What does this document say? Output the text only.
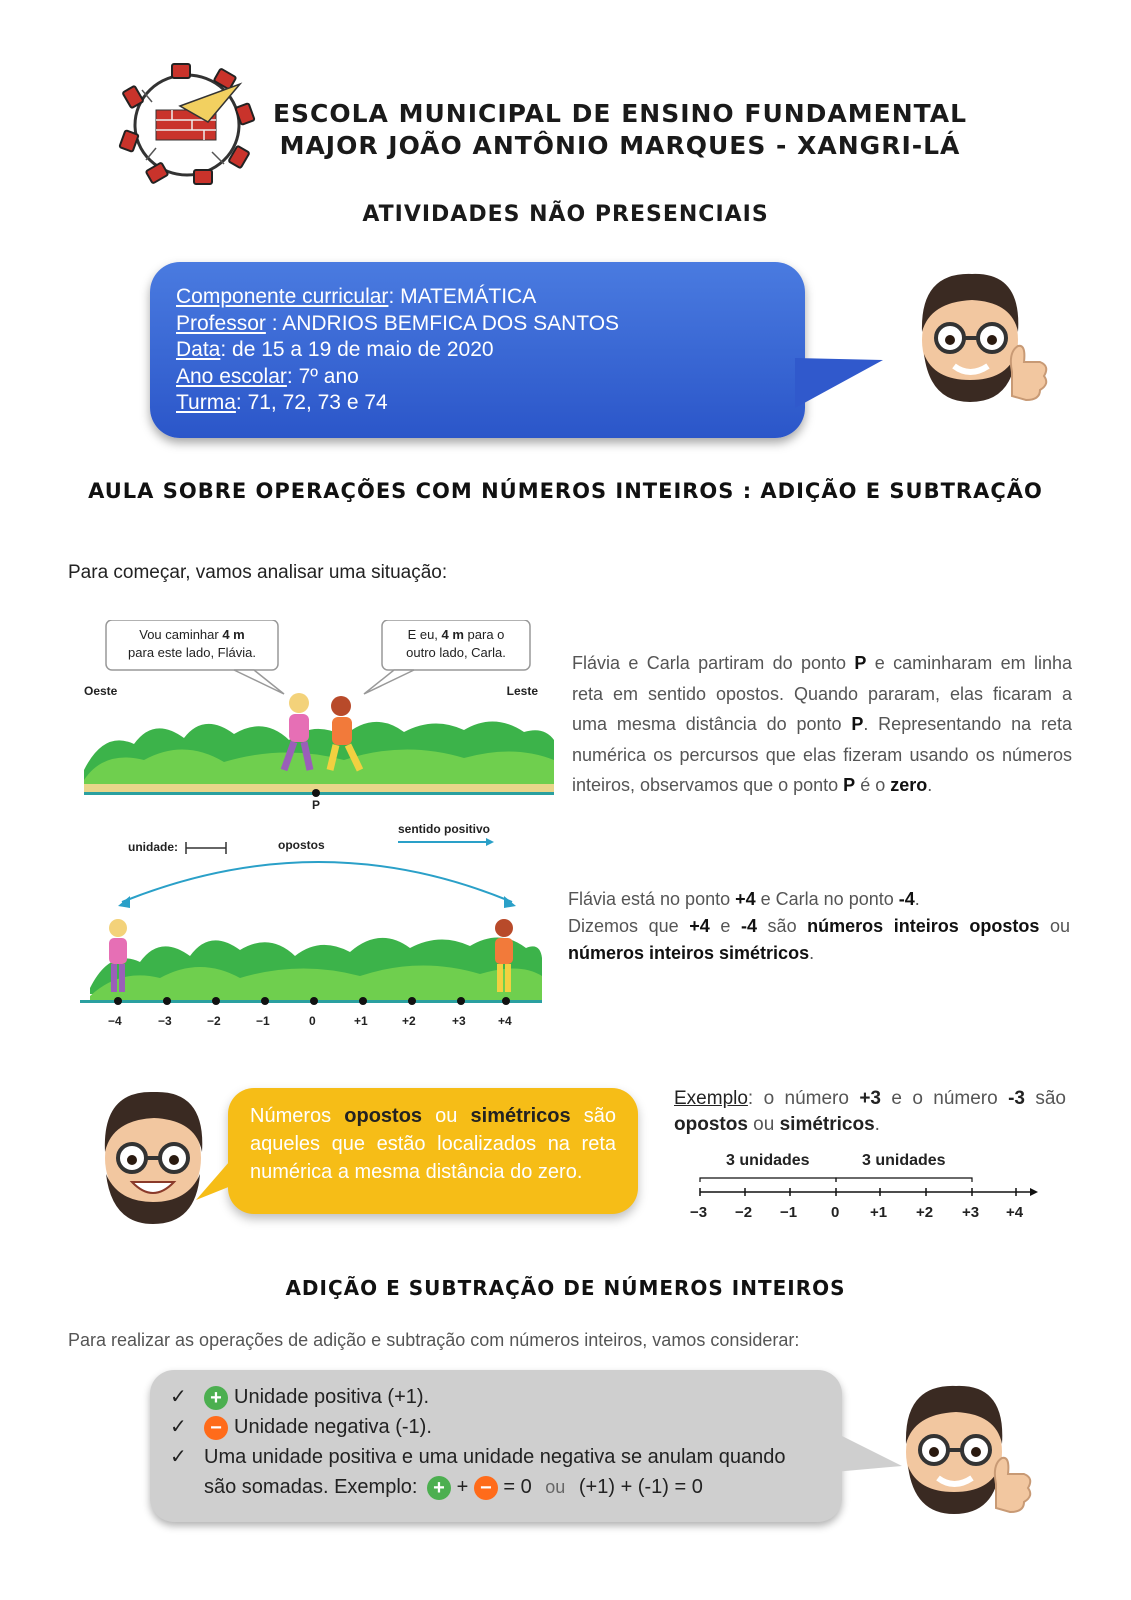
ESCOLA MUNICIPAL DE ENSINO FUNDAMENTAL
MAJOR JOÃO ANTÔNIO MARQUES - XANGRI-LÁ
ATIVIDADES NÃO PRESENCIAIS
Componente curricular: MATEMÁTICA
Professor : ANDRIOS BEMFICA DOS SANTOS
Data: de 15 a 19 de maio de 2020
Ano escolar: 7º ano
Turma: 71, 72, 73 e 74
AULA SOBRE OPERAÇÕES COM NÚMEROS INTEIROS : ADIÇÃO E SUBTRAÇÃO
Para começar, vamos analisar uma situação:
Vou caminhar 4 m
para este lado, Flávia.
E eu, 4 m para o
outro lado, Carla.
Oeste	Leste
P
Flávia e Carla partiram do ponto P e caminharam em linha reta em sentido opostos. Quando pararam, elas ficaram a uma mesma distância do ponto P. Representando na reta numérica os percursos que elas fizeram usando os números inteiros, observamos que o ponto P é o zero.
unidade:	opostos
sentido positivo
−4	−3	−2	−1	0	+1	+2	+3	+4
Flávia está no ponto +4 e Carla no ponto -4.
Dizemos que +4 e -4 são números inteiros opostos ou números inteiros simétricos.
Números opostos ou simétricos são aqueles que estão localizados na reta numérica a mesma distância do zero.
Exemplo: o número +3 e o número -3 são opostos ou simétricos.
3 unidades	3 unidades
−3 −2 −1 0 +1 +2 +3 +4
ADIÇÃO E SUBTRAÇÃO DE NÚMEROS INTEIROS
Para realizar as operações de adição e subtração com números inteiros, vamos considerar:
✓	+ Unidade positiva (+1).
✓	− Unidade negativa (-1).
✓ Uma unidade positiva e uma unidade negativa se anulam quando
são somadas. Exemplo: + + − = 0 ou (+1) + (-1) = 0
